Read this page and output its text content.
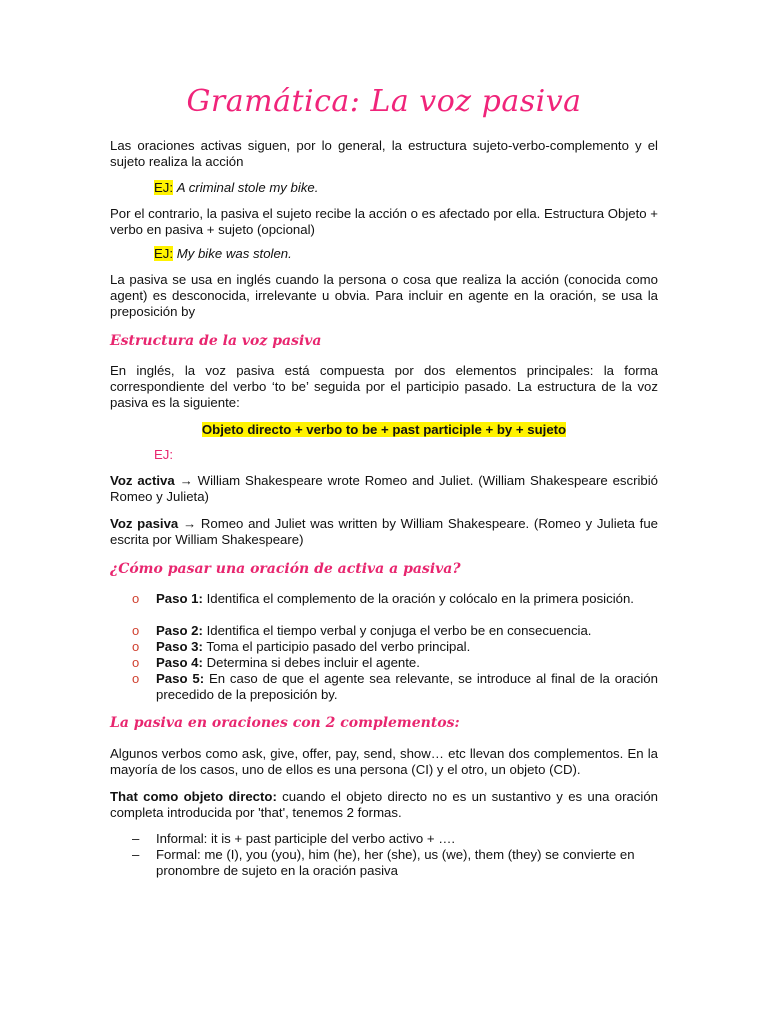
Gramática: La voz pasiva
Las oraciones activas siguen, por lo general, la estructura sujeto-verbo-complemento y el sujeto realiza la acción
EJ: A criminal stole my bike.
Por el contrario, la pasiva el sujeto recibe la acción o es afectado por ella. Estructura Objeto + verbo en pasiva + sujeto (opcional)
EJ: My bike was stolen.
La pasiva se usa en inglés cuando la persona o cosa que realiza la acción (conocida como agent) es desconocida, irrelevante u obvia. Para incluir en agente en la oración, se usa la preposición by
Estructura de la voz pasiva
En inglés, la voz pasiva está compuesta por dos elementos principales: la forma correspondiente del verbo ‘to be’ seguida por el participio pasado. La estructura de la voz pasiva es la siguiente:
Objeto directo + verbo to be + past participle + by + sujeto
EJ:
Voz activa → William Shakespeare wrote Romeo and Juliet. (William Shakespeare escribió Romeo y Julieta)
Voz pasiva → Romeo and Juliet was written by William Shakespeare. (Romeo y Julieta fue escrita por William Shakespeare)
¿Cómo pasar una oración de activa a pasiva?
o Paso 1: Identifica el complemento de la oración y colócalo en la primera posición.
o Paso 2: Identifica el tiempo verbal y conjuga el verbo be en consecuencia.
o Paso 3: Toma el participio pasado del verbo principal.
o Paso 4: Determina si debes incluir el agente.
o Paso 5: En caso de que el agente sea relevante, se introduce al final de la oración precedido de la preposición by.
La pasiva en oraciones con 2 complementos:
Algunos verbos como ask, give, offer, pay, send, show… etc llevan dos complementos. En la mayoría de los casos, uno de ellos es una persona (CI) y el otro, un objeto (CD).
That como objeto directo: cuando el objeto directo no es un sustantivo y es una oración completa introducida por 'that', tenemos 2 formas.
‒ Informal: it is + past participle del verbo activo + ….
‒ Formal: me (I), you (you), him (he), her (she), us (we), them (they) se convierte en pronombre de sujeto en la oración pasiva
